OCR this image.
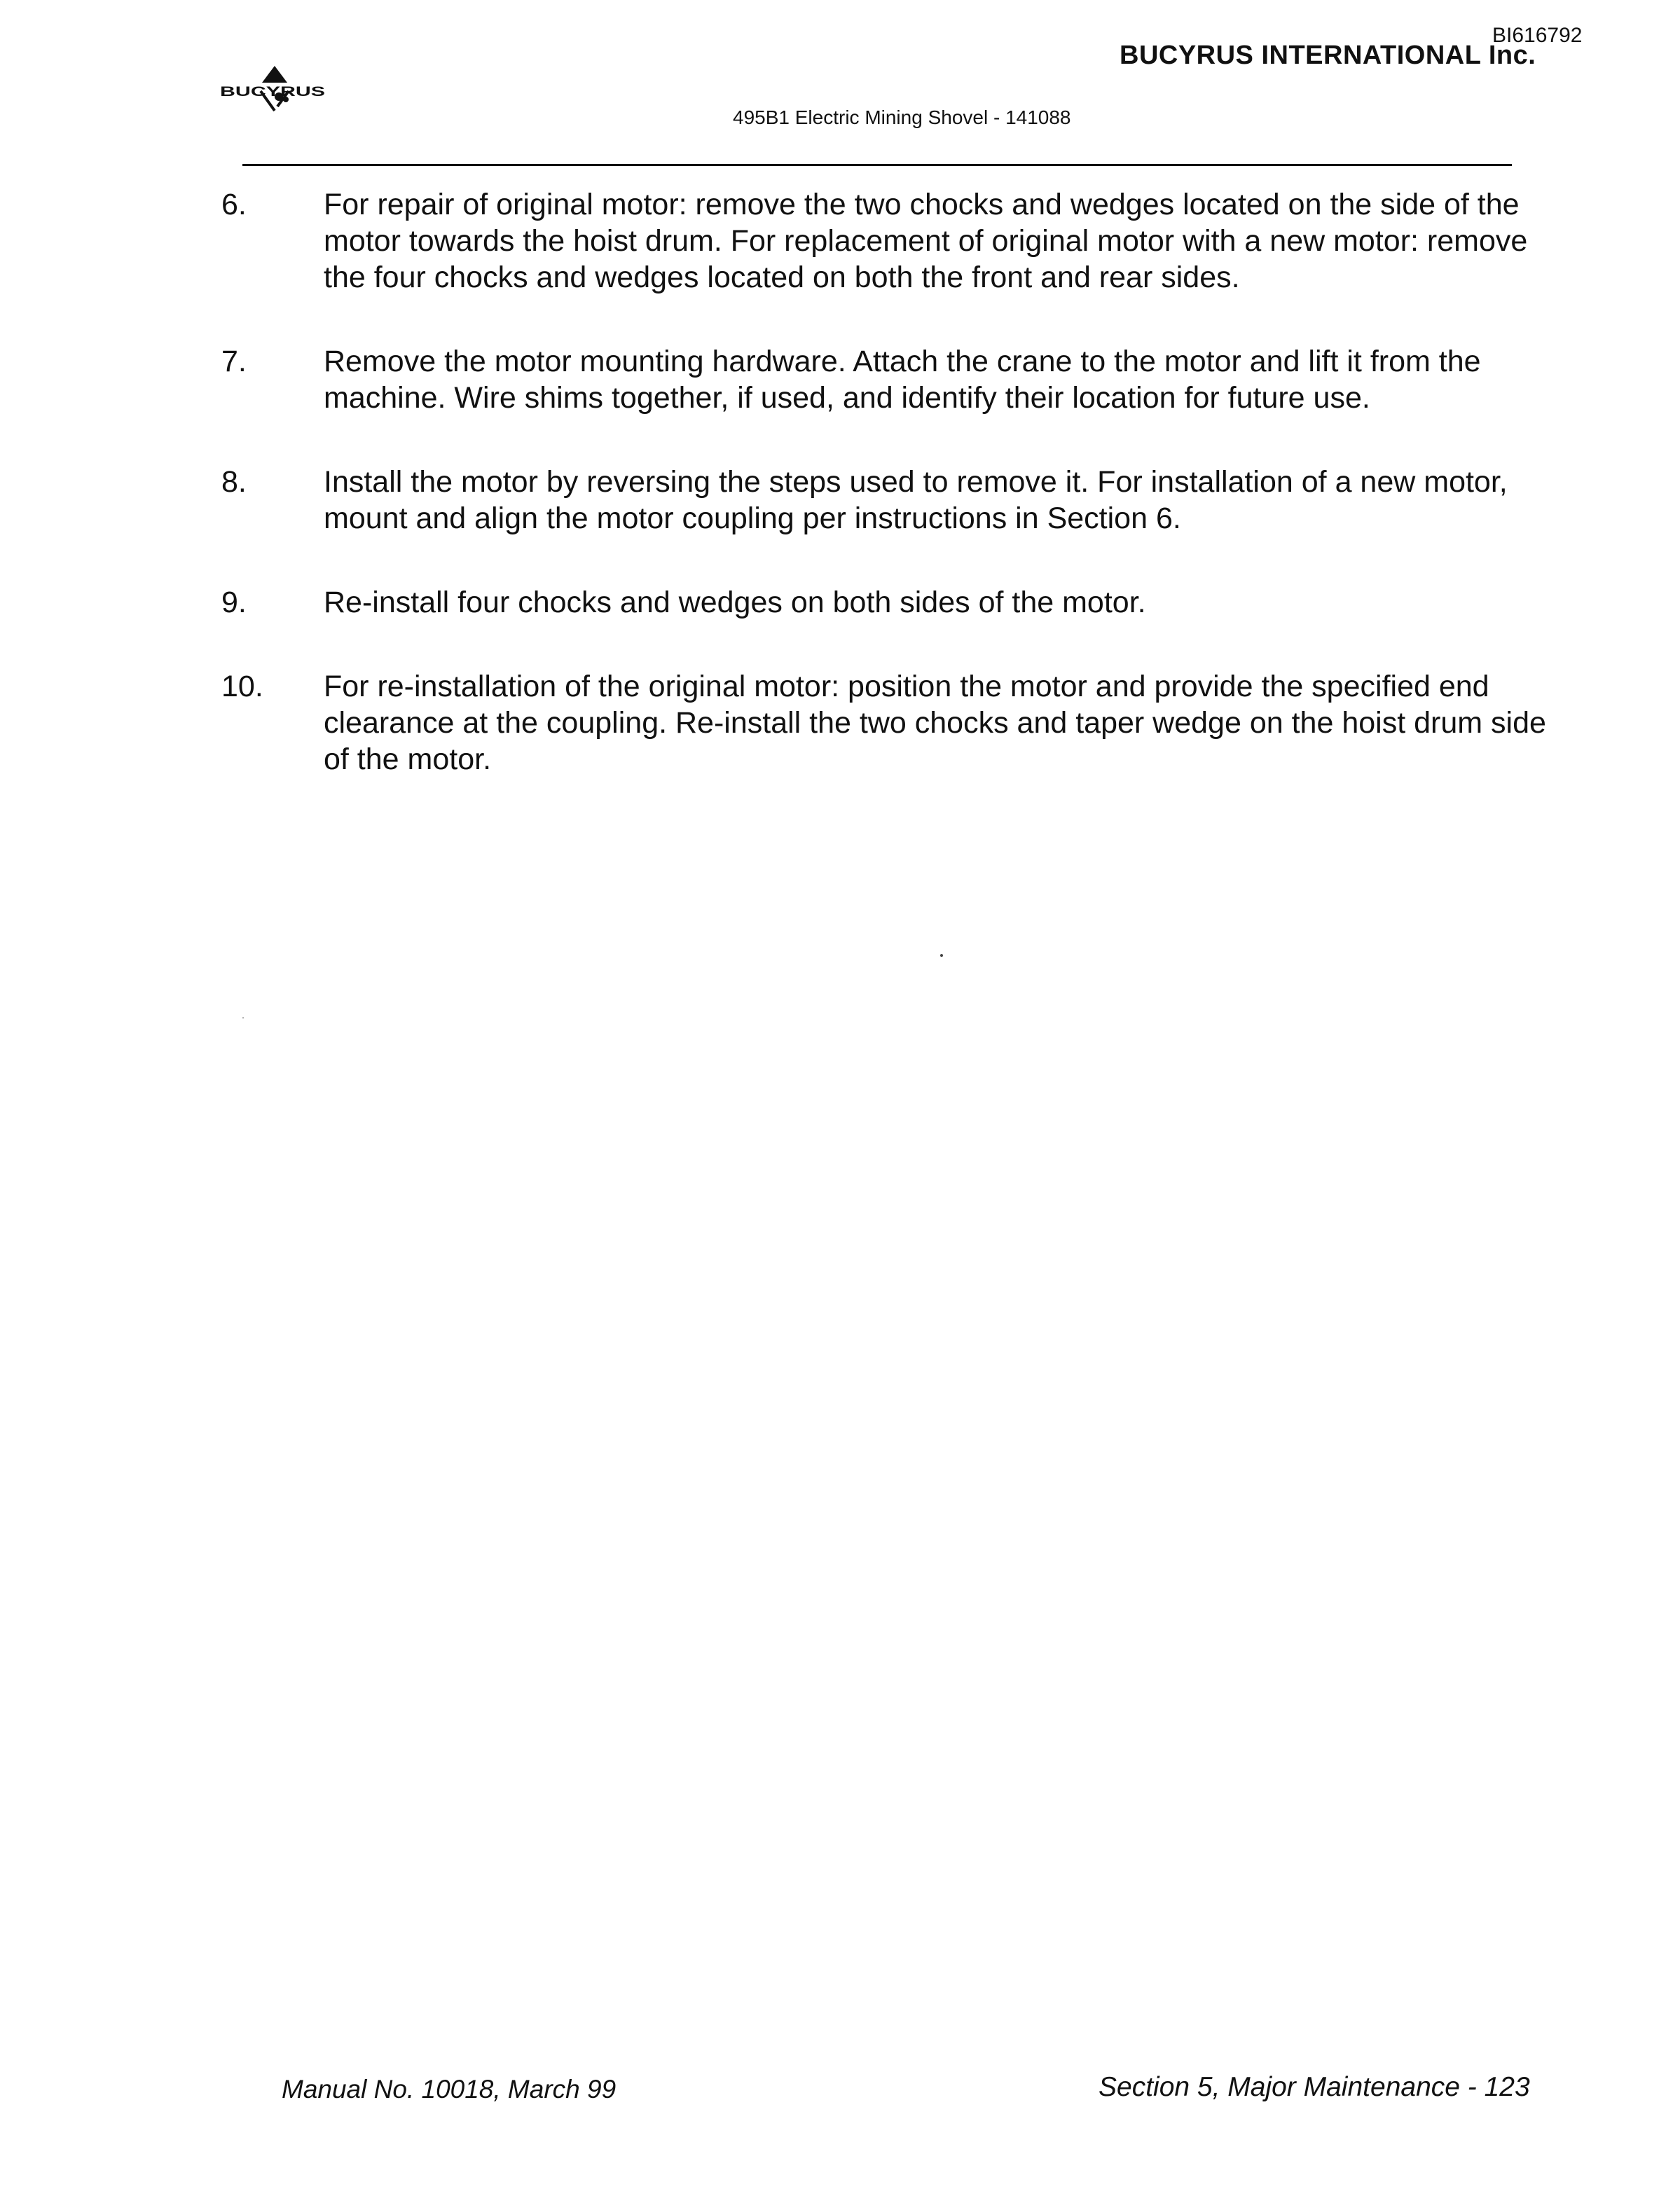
BI616792
BUCYRUS INTERNATIONAL Inc.
BUCYRUS
495B1 Electric Mining Shovel - 141088
6.	For repair of original motor: remove the two chocks and wedges located on the side of the motor towards the hoist drum. For replacement of original motor with a new motor: remove the four chocks and wedges located on both the front and rear sides.
7.	Remove the motor mounting hardware. Attach the crane to the motor and lift it from the machine. Wire shims together, if used, and identify their location for future use.
8.	Install the motor by reversing the steps used to remove it. For installation of a new motor, mount and align the motor coupling per instructions in Section 6.
9.	Re-install four chocks and wedges on both sides of the motor.
10. For re-installation of the original motor: position the motor and provide the specified end clearance at the coupling. Re-install the two chocks and taper wedge on the hoist drum side of the motor.
Manual No. 10018, March 99	Section 5, Major Maintenance - 123
